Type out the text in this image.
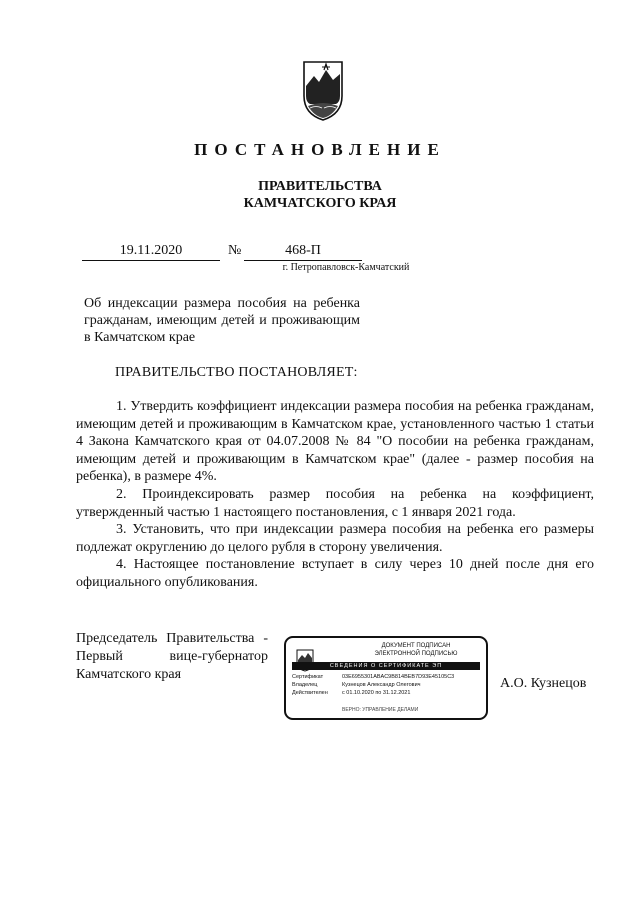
ПОСТАНОВЛЕНИЕ
ПРАВИТЕЛЬСТВА
КАМЧАТСКОГО КРАЯ
19.11.2020	№	468-П
г. Петропавловск-Камчатский
Об индексации размера пособия на ребенка гражданам, имеющим детей и проживающим в Камчатском крае
ПРАВИТЕЛЬСТВО ПОСТАНОВЛЯЕТ:

1. Утвердить коэффициент индексации размера пособия на ребенка гражданам, имеющим детей и проживающим в Камчатском крае, установленного частью 1 статьи 4 Закона Камчатского края от 04.07.2008 № 84 "О пособии на ребенка гражданам, имеющим детей и проживающим в Камчатском крае" (далее - размер пособия на ребенка), в размере 4%.

2. Проиндексировать размер пособия на ребенка на коэффициент, утвержденный частью 1 настоящего постановления, с 1 января 2021 года.

3. Установить, что при индексации размера пособия на ребенка его размеры подлежат округлению до целого рубля в сторону увеличения.

4. Настоящее постановление вступает в силу через 10 дней после дня его официального опубликования.

Председатель Правительства -
Первый вице-губернатор
Камчатского края
ДОКУМЕНТ ПОДПИСАН
ЭЛЕКТРОННОЙ ПОДПИСЬЮ
СВЕДЕНИЯ О СЕРТИФИКАТЕ ЭП
Сертификат	03E6955301ABAC9B814BEB7D93E45105C3
Владелец	Кузнецов Александр Олегович
Действителен	с 01.10.2020 по 31.12.2021
ВЕРНО: УПРАВЛЕНИЕ ДЕЛАМИ
А.О. Кузнецов
